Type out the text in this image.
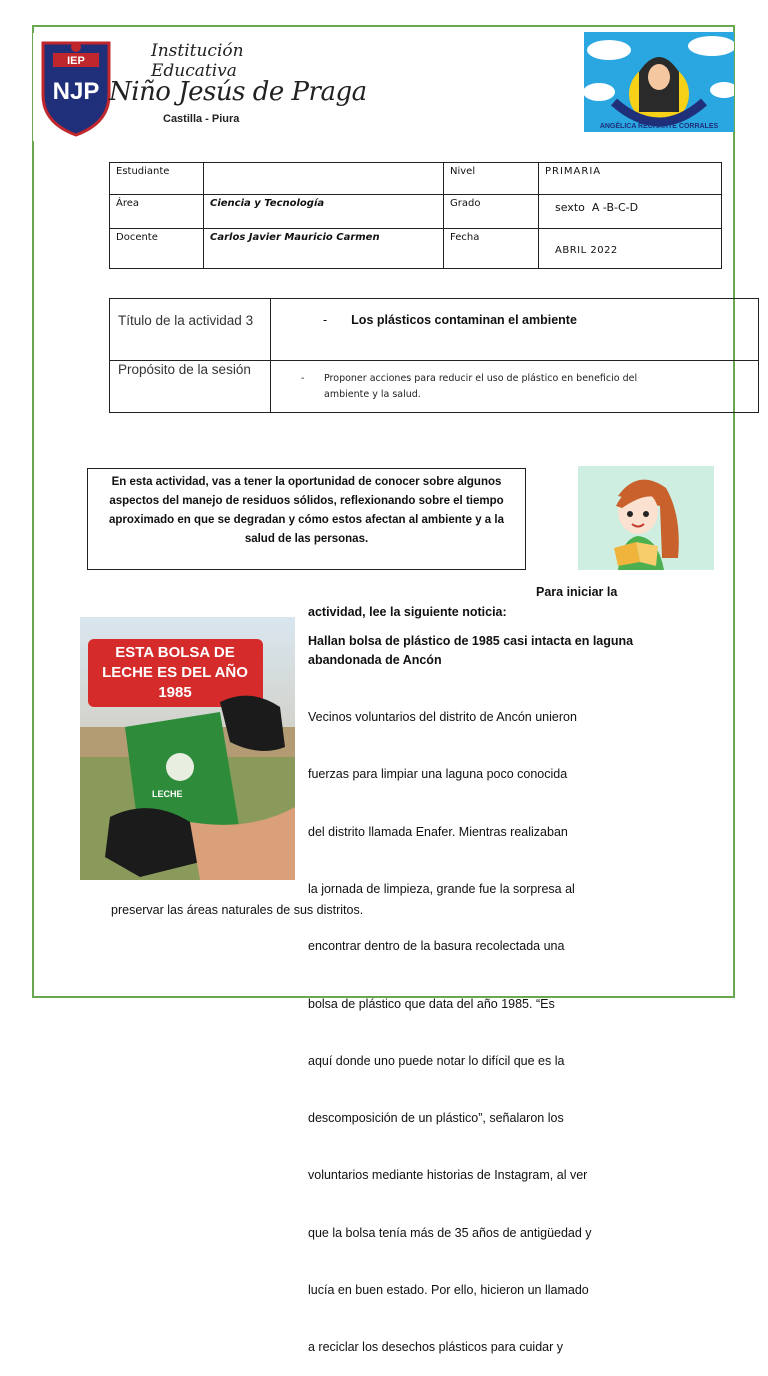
IEP
NJP
Institución Educativa
Niño Jesús de Praga
Castilla - Piura
ANGÉLICA RECHARTE CORRALES
Estudiante		Nivel	PRIMARIA
Área	Ciencia y Tecnología	Grado	sexto  A -B-C-D
Docente	Carlos Javier Mauricio Carmen	Fecha	ABRIL 2022
Título de la actividad 3	- Los plásticos contaminan el ambiente
Propósito de la sesión	- Proponer acciones para reducir el uso de plástico en beneficio del
ambiente y la salud.
En esta actividad, vas a tener la oportunidad de conocer sobre algunos
aspectos del manejo de residuos sólidos, reflexionando sobre el tiempo
aproximado en que se degradan y cómo estos afectan al ambiente y a la
salud de las personas.
Para iniciar la
actividad, lee la siguiente noticia:
ESTA BOLSA DE
LECHE ES DEL AÑO
1985
LECHE
Hallan bolsa de plástico de 1985 casi intacta en laguna
abandonada de Ancón

Vecinos voluntarios del distrito de Ancón unieron

fuerzas para limpiar una laguna poco conocida

del distrito llamada Enafer. Mientras realizaban

la jornada de limpieza, grande fue la sorpresa al

encontrar dentro de la basura recolectada una

bolsa de plástico que data del año 1985. “Es

aquí donde uno puede notar lo difícil que es la

descomposición de un plástico”, señalaron los

voluntarios mediante historias de Instagram, al ver

que la bolsa tenía más de 35 años de antigüedad y

lucía en buen estado. Por ello, hicieron un llamado

a reciclar los desechos plásticos para cuidar y

preservar las áreas naturales de sus distritos.
